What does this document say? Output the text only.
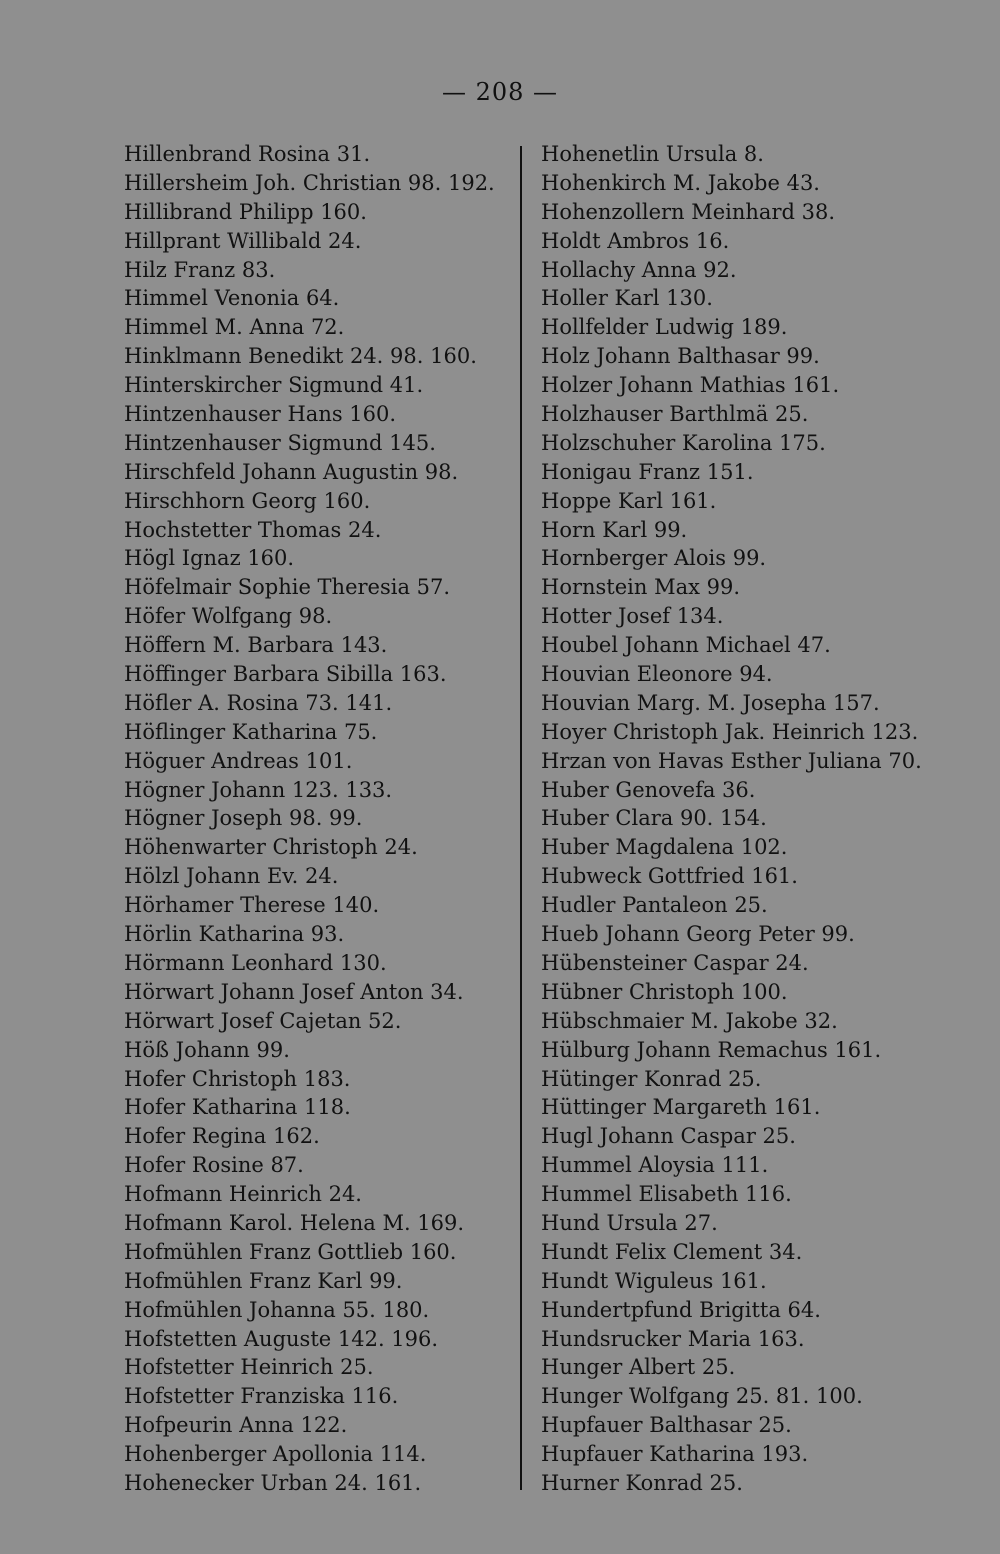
— 208 —
Hillenbrand Rosina 31.
Hillersheim Joh. Christian 98. 192.
Hillibrand Philipp 160.
Hillprant Willibald 24.
Hilz Franz 83.
Himmel Venonia 64.
Himmel M. Anna 72.
Hinklmann Benedikt 24. 98. 160.
Hinterskircher Sigmund 41.
Hintzenhauser Hans 160.
Hintzenhauser Sigmund 145.
Hirschfeld Johann Augustin 98.
Hirschhorn Georg 160.
Hochstetter Thomas 24.
Högl Ignaz 160.
Höfelmair Sophie Theresia 57.
Höfer Wolfgang 98.
Höffern M. Barbara 143.
Höffinger Barbara Sibilla 163.
Höfler A. Rosina 73. 141.
Höflinger Katharina 75.
Höguer Andreas 101.
Högner Johann 123. 133.
Högner Joseph 98. 99.
Höhenwarter Christoph 24.
Hölzl Johann Ev. 24.
Hörhamer Therese 140.
Hörlin Katharina 93.
Hörmann Leonhard 130.
Hörwart Johann Josef Anton 34.
Hörwart Josef Cajetan 52.
Höß Johann 99.
Hofer Christoph 183.
Hofer Katharina 118.
Hofer Regina 162.
Hofer Rosine 87.
Hofmann Heinrich 24.
Hofmann Karol. Helena M. 169.
Hofmühlen Franz Gottlieb 160.
Hofmühlen Franz Karl 99.
Hofmühlen Johanna 55. 180.
Hofstetten Auguste 142. 196.
Hofstetter Heinrich 25.
Hofstetter Franziska 116.
Hofpeurin Anna 122.
Hohenberger Apollonia 114.
Hohenecker Urban 24. 161.
Hohenetlin Ursula 8.
Hohenkirch M. Jakobe 43.
Hohenzollern Meinhard 38.
Holdt Ambros 16.
Hollachy Anna 92.
Holler Karl 130.
Hollfelder Ludwig 189.
Holz Johann Balthasar 99.
Holzer Johann Mathias 161.
Holzhauser Barthlmä 25.
Holzschuher Karolina 175.
Honigau Franz 151.
Hoppe Karl 161.
Horn Karl 99.
Hornberger Alois 99.
Hornstein Max 99.
Hotter Josef 134.
Houbel Johann Michael 47.
Houvian Eleonore 94.
Houvian Marg. M. Josepha 157.
Hoyer Christoph Jak. Heinrich 123.
Hrzan von Havas Esther Juliana 70.
Huber Genovefa 36.
Huber Clara 90. 154.
Huber Magdalena 102.
Hubweck Gottfried 161.
Hudler Pantaleon 25.
Hueb Johann Georg Peter 99.
Hübensteiner Caspar 24.
Hübner Christoph 100.
Hübschmaier M. Jakobe 32.
Hülburg Johann Remachus 161.
Hütinger Konrad 25.
Hüttinger Margareth 161.
Hugl Johann Caspar 25.
Hummel Aloysia 111.
Hummel Elisabeth 116.
Hund Ursula 27.
Hundt Felix Clement 34.
Hundt Wiguleus 161.
Hundertpfund Brigitta 64.
Hundsrucker Maria 163.
Hunger Albert 25.
Hunger Wolfgang 25. 81. 100.
Hupfauer Balthasar 25.
Hupfauer Katharina 193.
Hurner Konrad 25.
